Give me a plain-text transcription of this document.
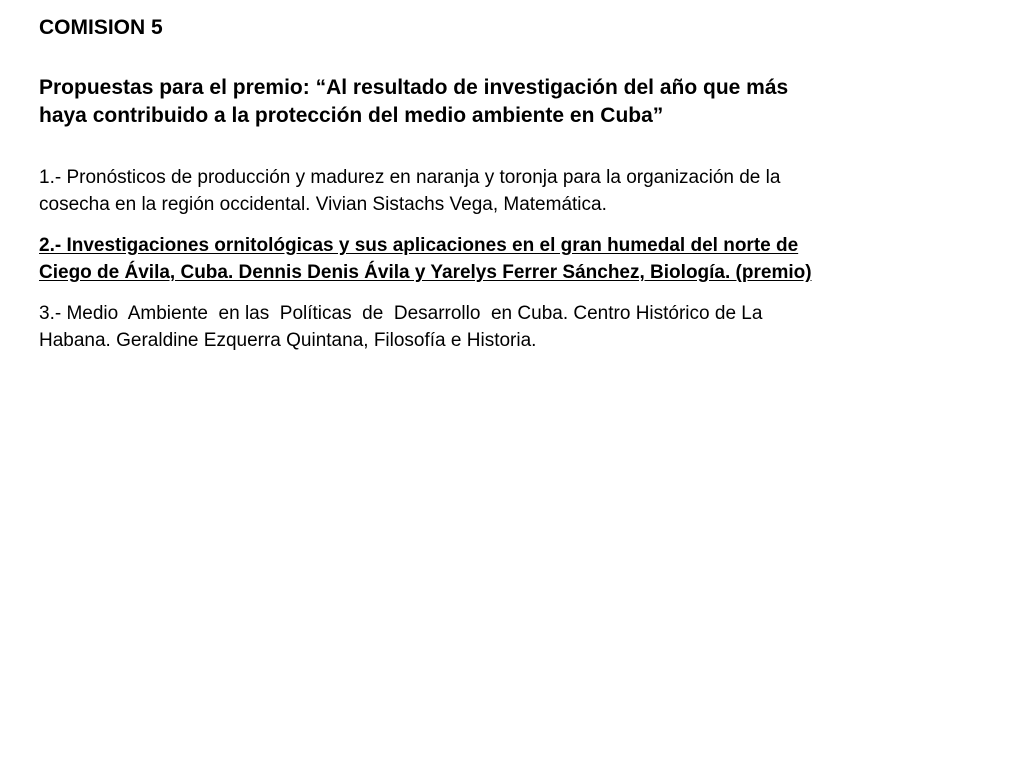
COMISION 5

Propuestas para el premio: “Al resultado de investigación del año que más
haya contribuido a la protección del medio ambiente en Cuba”

1.- Pronósticos de producción y madurez en naranja y toronja para la organización de la
cosecha en la región occidental. Vivian Sistachs Vega, Matemática.

2.- Investigaciones ornitológicas y sus aplicaciones en el gran humedal del norte de
Ciego de Ávila, Cuba. Dennis Denis Ávila y Yarelys Ferrer Sánchez, Biología. (premio)

3.- Medio  Ambiente  en las  Políticas  de  Desarrollo  en Cuba. Centro Histórico de La
Habana. Geraldine Ezquerra Quintana, Filosofía e Historia.
